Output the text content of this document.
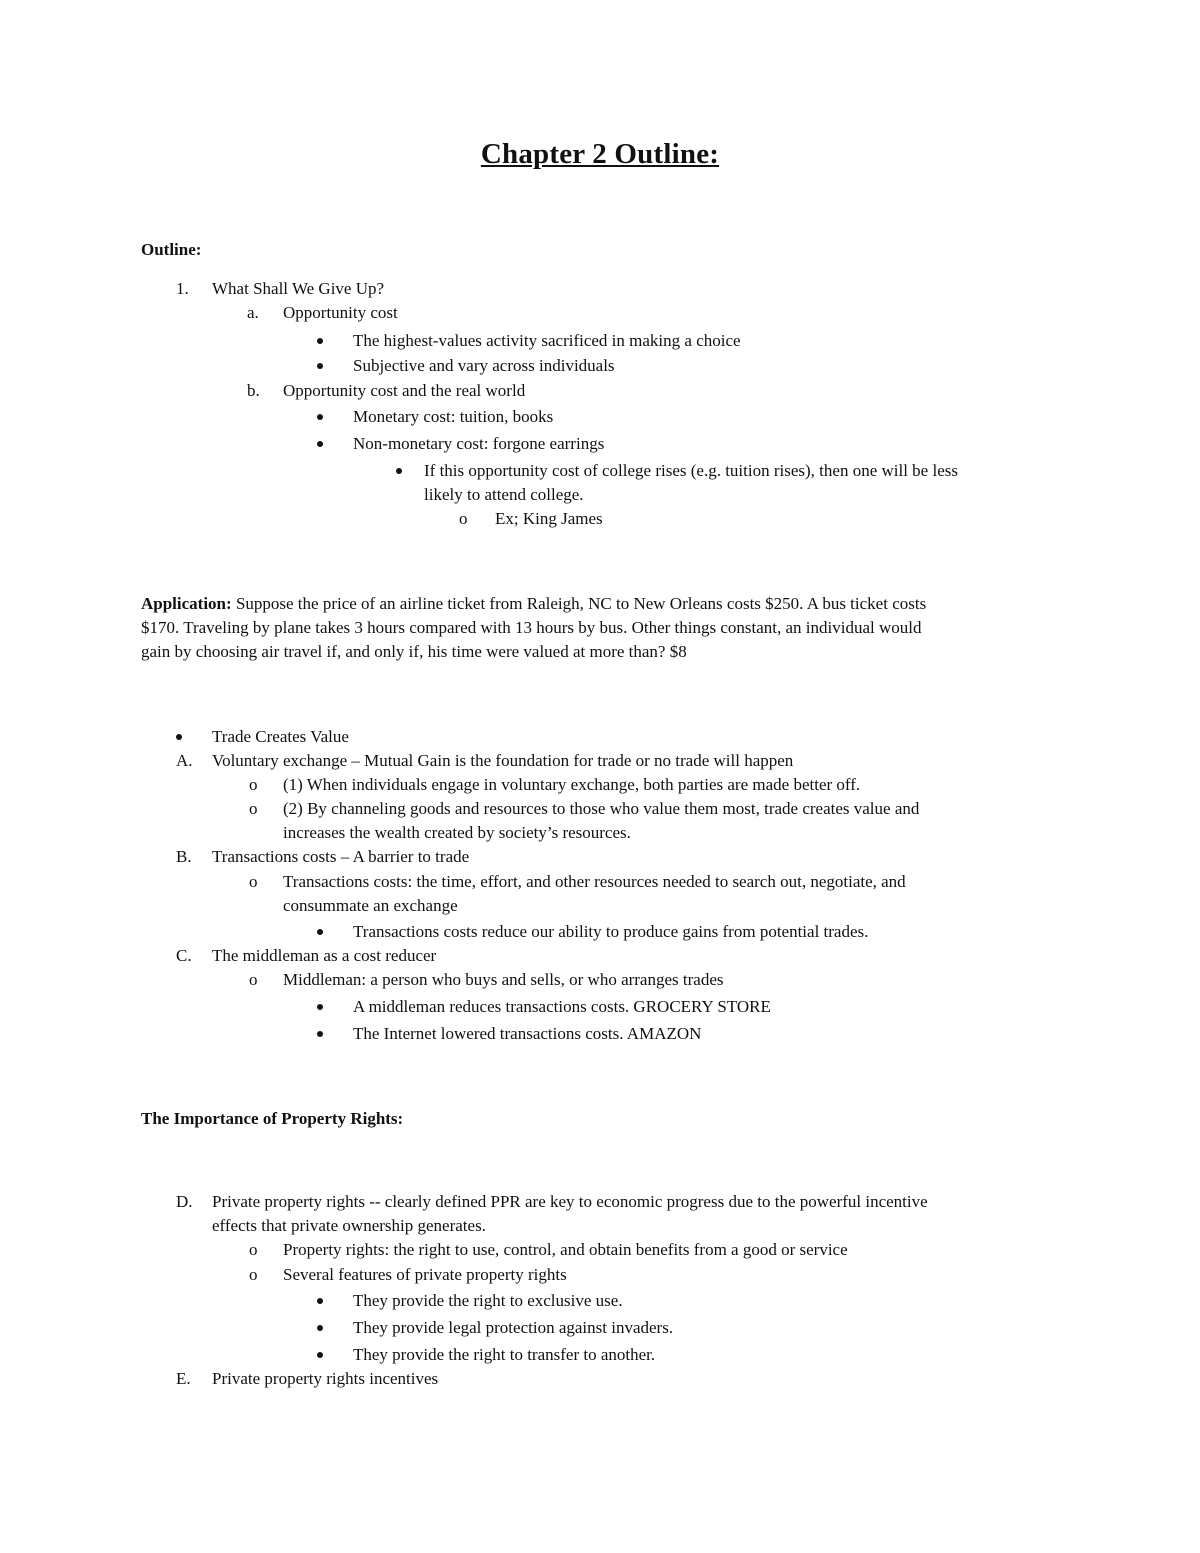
Chapter 2 Outline:
Outline:
1. What Shall We Give Up?
a. Opportunity cost
The highest-values activity sacrificed in making a choice
Subjective and vary across individuals
b. Opportunity cost and the real world
Monetary cost: tuition, books
Non-monetary cost: forgone earrings
If this opportunity cost of college rises (e.g. tuition rises), then one will be less
likely to attend college.
o Ex; King James
Application: Suppose the price of an airline ticket from Raleigh, NC to New Orleans costs $250. A bus ticket costs
$170. Traveling by plane takes 3 hours compared with 13 hours by bus. Other things constant, an individual would
gain by choosing air travel if, and only if, his time were valued at more than? $8
Trade Creates Value
A. Voluntary exchange – Mutual Gain is the foundation for trade or no trade will happen
o (1) When individuals engage in voluntary exchange, both parties are made better off.
o (2) By channeling goods and resources to those who value them most, trade creates value and
increases the wealth created by society’s resources.
B. Transactions costs – A barrier to trade
o Transactions costs: the time, effort, and other resources needed to search out, negotiate, and
consummate an exchange
Transactions costs reduce our ability to produce gains from potential trades.
C. The middleman as a cost reducer
o Middleman: a person who buys and sells, or who arranges trades
A middleman reduces transactions costs. GROCERY STORE
The Internet lowered transactions costs. AMAZON
The Importance of Property Rights:
D. Private property rights -- clearly defined PPR are key to economic progress due to the powerful incentive
effects that private ownership generates.
o Property rights: the right to use, control, and obtain benefits from a good or service
o Several features of private property rights
They provide the right to exclusive use.
They provide legal protection against invaders.
They provide the right to transfer to another.
E. Private property rights incentives
